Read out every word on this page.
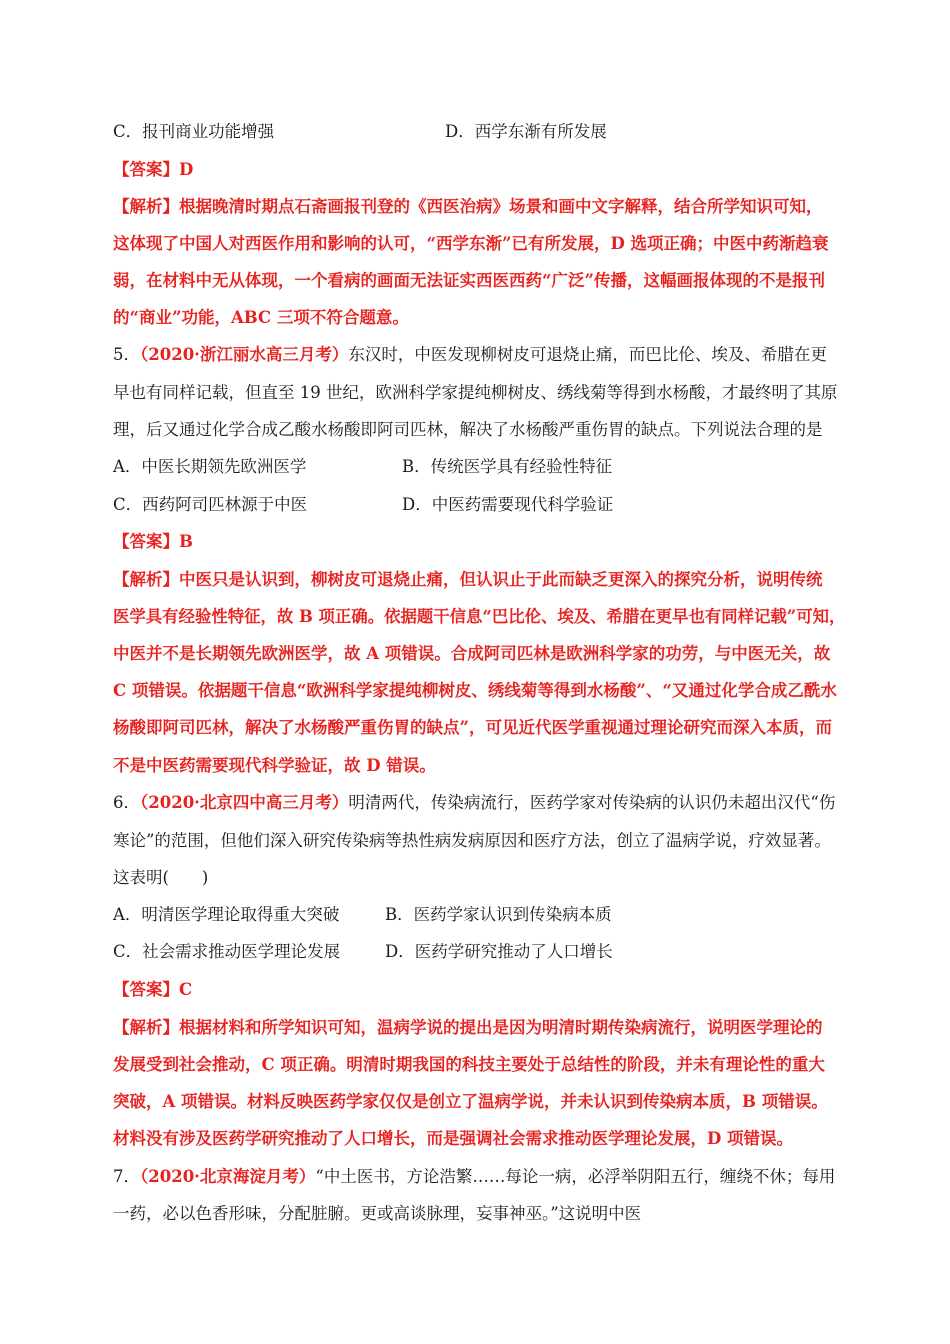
C．报刊商业功能增强	D．西学东渐有所发展
【答案】D
【解析】根据晚清时期点石斋画报刊登的《西医治病》场景和画中文字解释，结合所学知识可知，
这体现了中国人对西医作用和影响的认可，“西学东渐”已有所发展，D 选项正确；中医中药渐趋衰
弱，在材料中无从体现，一个看病的画面无法证实西医西药“广泛”传播，这幅画报体现的不是报刊
的“商业”功能，ABC 三项不符合题意。
5．（2020·浙江丽水高三月考）东汉时，中医发现柳树皮可退烧止痛，而巴比伦、埃及、希腊在更
早也有同样记载，但直至 19 世纪，欧洲科学家提纯柳树皮、绣线菊等得到水杨酸，才最终明了其原
理，后又通过化学合成乙酸水杨酸即阿司匹林，解决了水杨酸严重伤胃的缺点。下列说法合理的是
A．中医长期领先欧洲医学	B．传统医学具有经验性特征
C．西药阿司匹林源于中医	D．中医药需要现代科学验证
【答案】B
【解析】中医只是认识到，柳树皮可退烧止痛，但认识止于此而缺乏更深入的探究分析，说明传统
医学具有经验性特征，故 B 项正确。依据题干信息“巴比伦、埃及、希腊在更早也有同样记载”可知，
中医并不是长期领先欧洲医学，故 A 项错误。合成阿司匹林是欧洲科学家的功劳，与中医无关，故
C 项错误。依据题干信息“欧洲科学家提纯柳树皮、绣线菊等得到水杨酸”、“又通过化学合成乙酰水
杨酸即阿司匹林，解决了水杨酸严重伤胃的缺点”，可见近代医学重视通过理论研究而深入本质，而
不是中医药需要现代科学验证，故 D 错误。
6．（2020·北京四中高三月考）明清两代，传染病流行，医药学家对传染病的认识仍未超出汉代“伤
寒论”的范围，但他们深入研究传染病等热性病发病原因和医疗方法，创立了温病学说，疗效显著。
这表明(　　)
A．明清医学理论取得重大突破	B．医药学家认识到传染病本质
C．社会需求推动医学理论发展	D．医药学研究推动了人口增长
【答案】C
【解析】根据材料和所学知识可知，温病学说的提出是因为明清时期传染病流行，说明医学理论的
发展受到社会推动，C 项正确。明清时期我国的科技主要处于总结性的阶段，并未有理论性的重大
突破，A 项错误。材料反映医药学家仅仅是创立了温病学说，并未认识到传染病本质，B 项错误。
材料没有涉及医药学研究推动了人口增长，而是强调社会需求推动医学理论发展，D 项错误。
7．（2020·北京海淀月考）“中土医书，方论浩繁……每论一病，必浮举阴阳五行，缠绕不休；每用
一药，必以色香形味，分配脏腑。更或高谈脉理，妄事神巫。”这说明中医
